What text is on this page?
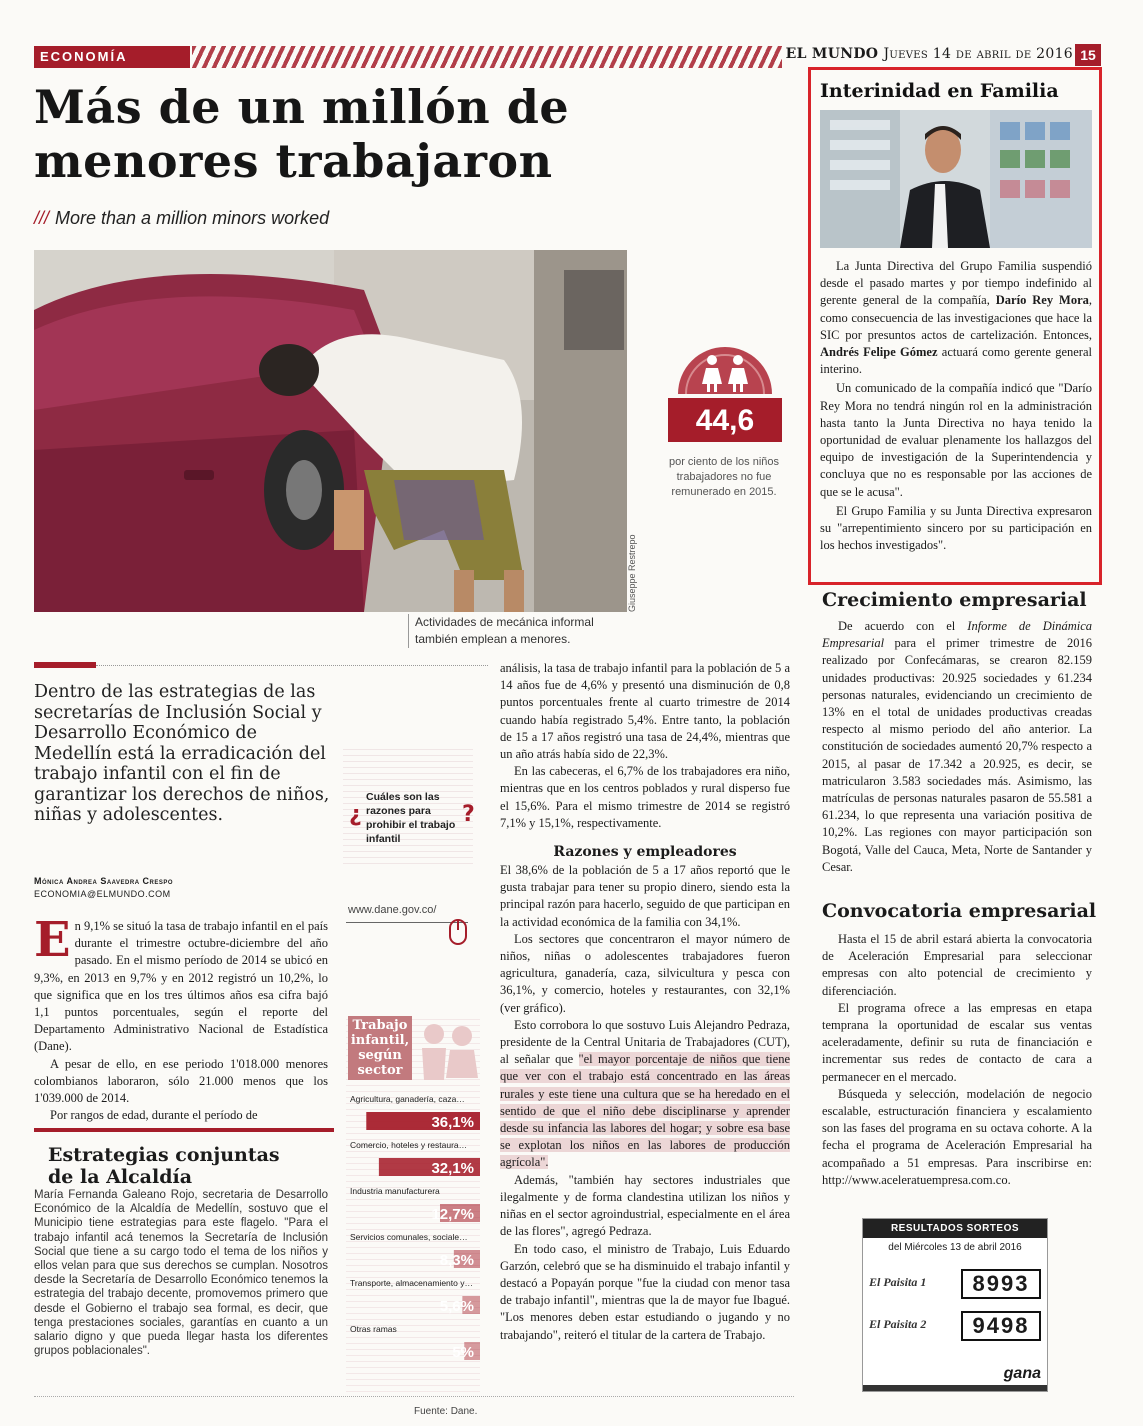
ECONOMÍA	EL MUNDO Jueves 14 de abril de 2016 15
Más de un millón de menores trabajaron
/// More than a million minors worked
Giuseppe Restrepo
Actividades de mecánica informal también emplean a menores.
44,6
por ciento de los niños trabajadores no fue remunerado en 2015.
Interinidad en Familia

La Junta Directiva del Grupo Familia suspendió desde el pasado martes y por tiempo indefinido al gerente general de la compañía, Darío Rey Mora, como consecuencia de las investigaciones que hace la SIC por presuntos actos de cartelización. Entonces, Andrés Felipe Gómez actuará como gerente general interino.

Un comunicado de la compañía indicó que "Darío Rey Mora no tendrá ningún rol en la administración hasta tanto la Junta Directiva no haya tenido la oportunidad de evaluar plenamente los hallazgos del equipo de investigación de la Superintendencia y concluya que no es responsable por las acciones de que se le acusa".

El Grupo Familia y su Junta Directiva expresaron su "arrepentimiento sincero por su participación en los hechos investigados".

Crecimiento empresarial
De acuerdo con el Informe de Dinámica Empresarial para el primer trimestre de 2016 realizado por Confecámaras, se crearon 82.159 unidades productivas: 20.925 sociedades y 61.234 personas naturales, evidenciando un crecimiento de 13% en el total de unidades productivas creadas respecto al mismo periodo del año anterior. La constitución de sociedades aumentó 20,7% respecto a 2015, al pasar de 17.342 a 20.925, es decir, se matricularon 3.583 sociedades más. Asimismo, las matrículas de personas naturales pasaron de 55.581 a 61.234, lo que representa una variación positiva de 10,2%. Las regiones con mayor participación son Bogotá, Valle del Cauca, Meta, Norte de Santander y Cesar.
Convocatoria empresarial

Hasta el 15 de abril estará abierta la convocatoria de Aceleración Empresarial para seleccionar empresas con alto potencial de crecimiento y diferenciación.

El programa ofrece a las empresas en etapa temprana la oportunidad de escalar sus ventas aceleradamente, definir su ruta de financiación e incrementar sus redes de contacto de cara a permanecer en el mercado.

Búsqueda y selección, modelación de negocio escalable, estructuración financiera y escalamiento son las fases del programa en su octava cohorte. A la fecha el programa de Aceleración Empresarial ha acompañado a 51 empresas. Para inscribirse en: http://www.aceleratuempresa.com.co.

RESULTADOS SORTEOS
del Miércoles 13 de abril 2016
El Paisita 1	8993
El Paisita 2	9498
gana
Dentro de las estrategias de las secretarías de Inclusión Social y Desarrollo Económico de Medellín está la erradicación del trabajo infantil con el fin de garantizar los derechos de niños, niñas y adolescentes.
Mónica Andrea Saavedra Crespo
ECONOMIA@ELMUNDO.COM

En 9,1% se situó la tasa de trabajo infantil en el país durante el trimestre octubre-diciembre del año pasado. En el mismo período de 2014 se ubicó en 9,3%, en 2013 en 9,7% y en 2012 registró un 10,2%, lo que significa que en los tres últimos años esa cifra bajó 1,1 puntos porcentuales, según el reporte del Departamento Administrativo Nacional de Estadística (Dane).

A pesar de ello, en ese periodo 1'018.000 menores colombianos laboraron, sólo 21.000 menos que los 1'039.000 de 2014.

Por rangos de edad, durante el período de

¿
Cuáles son las razones para prohibir el trabajo infantil
?
www.dane.gov.co/
Trabajo infantil, según sector
Agricultura, ganadería, caza…
36,1%
Comercio, hoteles y restaura…
32,1%
Industria manufacturera
12,7%
Servicios comunales, sociale…
8,3%
Transporte, almacenamiento y…
5,6%
Otras ramas
5%
Fuente: Dane.
Estrategias conjuntas de la Alcaldía
María Fernanda Galeano Rojo, secretaria de Desarrollo Económico de la Alcaldía de Medellín, sostuvo que el Municipio tiene estrategias para este flagelo. "Para el trabajo infantil acá tenemos la Secretaría de Inclusión Social que tiene a su cargo todo el tema de los niños y ellos velan para que sus derechos se cumplan. Nosotros desde la Secretaría de Desarrollo Económico tenemos la estrategia del trabajo decente, promovemos primero que desde el Gobierno el trabajo sea formal, es decir, que tenga prestaciones sociales, garantías en cuanto a un salario digno y que pueda llegar hasta los diferentes grupos poblacionales".

análisis, la tasa de trabajo infantil para la población de 5 a 14 años fue de 4,6% y presentó una disminución de 0,8 puntos porcentuales frente al cuarto trimestre de 2014 cuando había registrado 5,4%. Entre tanto, la población de 15 a 17 años registró una tasa de 24,4%, mientras que un año atrás había sido de 22,3%.

En las cabeceras, el 6,7% de los trabajadores era niño, mientras que en los centros poblados y rural disperso fue el 15,6%. Para el mismo trimestre de 2014 se registró 7,1% y 15,1%, respectivamente.

Razones y empleadores

El 38,6% de la población de 5 a 17 años reportó que le gusta trabajar para tener su propio dinero, siendo esta la principal razón para hacerlo, seguido de que participan en la actividad económica de la familia con 34,1%.

Los sectores que concentraron el mayor número de niños, niñas o adolescentes trabajadores fueron agricultura, ganadería, caza, silvicultura y pesca con 36,1%, y comercio, hoteles y restaurantes, con 32,1% (ver gráfico).

Esto corrobora lo que sostuvo Luis Alejandro Pedraza, presidente de la Central Unitaria de Trabajadores (CUT), al señalar que "el mayor porcentaje de niños que tiene que ver con el trabajo está concentrado en las áreas rurales y este tiene una cultura que se ha heredado en el sentido de que el niño debe disciplinarse y aprender desde su infancia las labores del hogar; y sobre esa base se explotan los niños en las labores de producción agrícola".

Además, "también hay sectores industriales que ilegalmente y de forma clandestina utilizan los niños y niñas en el sector agroindustrial, especialmente en el área de las flores", agregó Pedraza.

En todo caso, el ministro de Trabajo, Luis Eduardo Garzón, celebró que se ha disminuido el trabajo infantil y destacó a Popayán porque "fue la ciudad con menor tasa de trabajo infantil", mientras que la de mayor fue Ibagué. "Los menores deben estar estudiando o jugando y no trabajando", reiteró el titular de la cartera de Trabajo.
